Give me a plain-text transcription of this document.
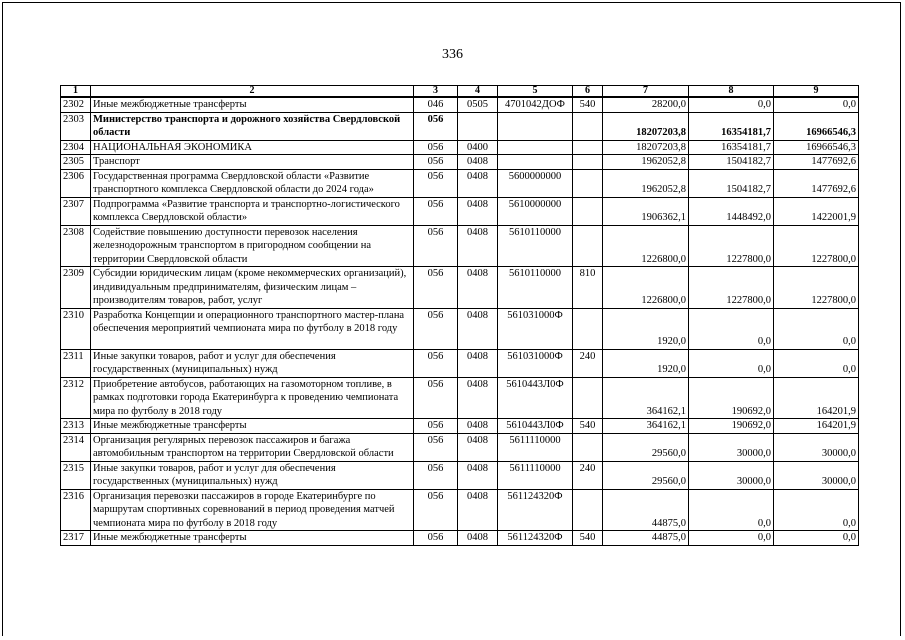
336
1	2	3	4	5	6	7	8	9
2302	Иные межбюджетные трансферты	046	0505	4701042ДОФ	540	28200,0	0,0	0,0
2303	Министерство транспорта и дорожного хозяйства Свердловской области	056				18207203,8	16354181,7	16966546,3
2304	НАЦИОНАЛЬНАЯ ЭКОНОМИКА	056	0400			18207203,8	16354181,7	16966546,3
2305	Транспорт	056	0408			1962052,8	1504182,7	1477692,6
2306	Государственная программа Свердловской области «Развитие транспортного комплекса Свердловской области до 2024 года»	056	0408	5600000000		1962052,8	1504182,7	1477692,6
2307	Подпрограмма «Развитие транспорта и транспортно-логистического комплекса Свердловской области»	056	0408	5610000000		1906362,1	1448492,0	1422001,9
2308	Содействие повышению доступности перевозок населения железнодорожным транспортом в пригородном сообщении на территории Свердловской области	056	0408	5610110000		1226800,0	1227800,0	1227800,0
2309	Субсидии юридическим лицам (кроме некоммерческих организаций), индивидуальным предпринимателям, физическим лицам – производителям товаров, работ, услуг	056	0408	5610110000	810	1226800,0	1227800,0	1227800,0
2310	Разработка Концепции и операционного транспортного мастер-плана обеспечения мероприятий чемпионата мира по футболу в 2018 году	056	0408	561031000Ф		1920,0	0,0	0,0
2311	Иные закупки товаров, работ и услуг для обеспечения государственных (муниципальных) нужд	056	0408	561031000Ф	240	1920,0	0,0	0,0
2312	Приобретение автобусов, работающих на газомоторном топливе, в рамках подготовки города Екатеринбурга к проведению чемпионата мира по футболу в 2018 году	056	0408	5610443Л0Ф		364162,1	190692,0	164201,9
2313	Иные межбюджетные трансферты	056	0408	5610443Л0Ф	540	364162,1	190692,0	164201,9
2314	Организация регулярных перевозок пассажиров и багажа автомобильным транспортом на территории Свердловской области	056	0408	5611110000		29560,0	30000,0	30000,0
2315	Иные закупки товаров, работ и услуг для обеспечения государственных (муниципальных) нужд	056	0408	5611110000	240	29560,0	30000,0	30000,0
2316	Организация перевозки пассажиров в городе Екатеринбурге по маршрутам спортивных соревнований в период проведения матчей чемпионата мира по футболу в 2018 году	056	0408	561124320Ф		44875,0	0,0	0,0
2317	Иные межбюджетные трансферты	056	0408	561124320Ф	540	44875,0	0,0	0,0
